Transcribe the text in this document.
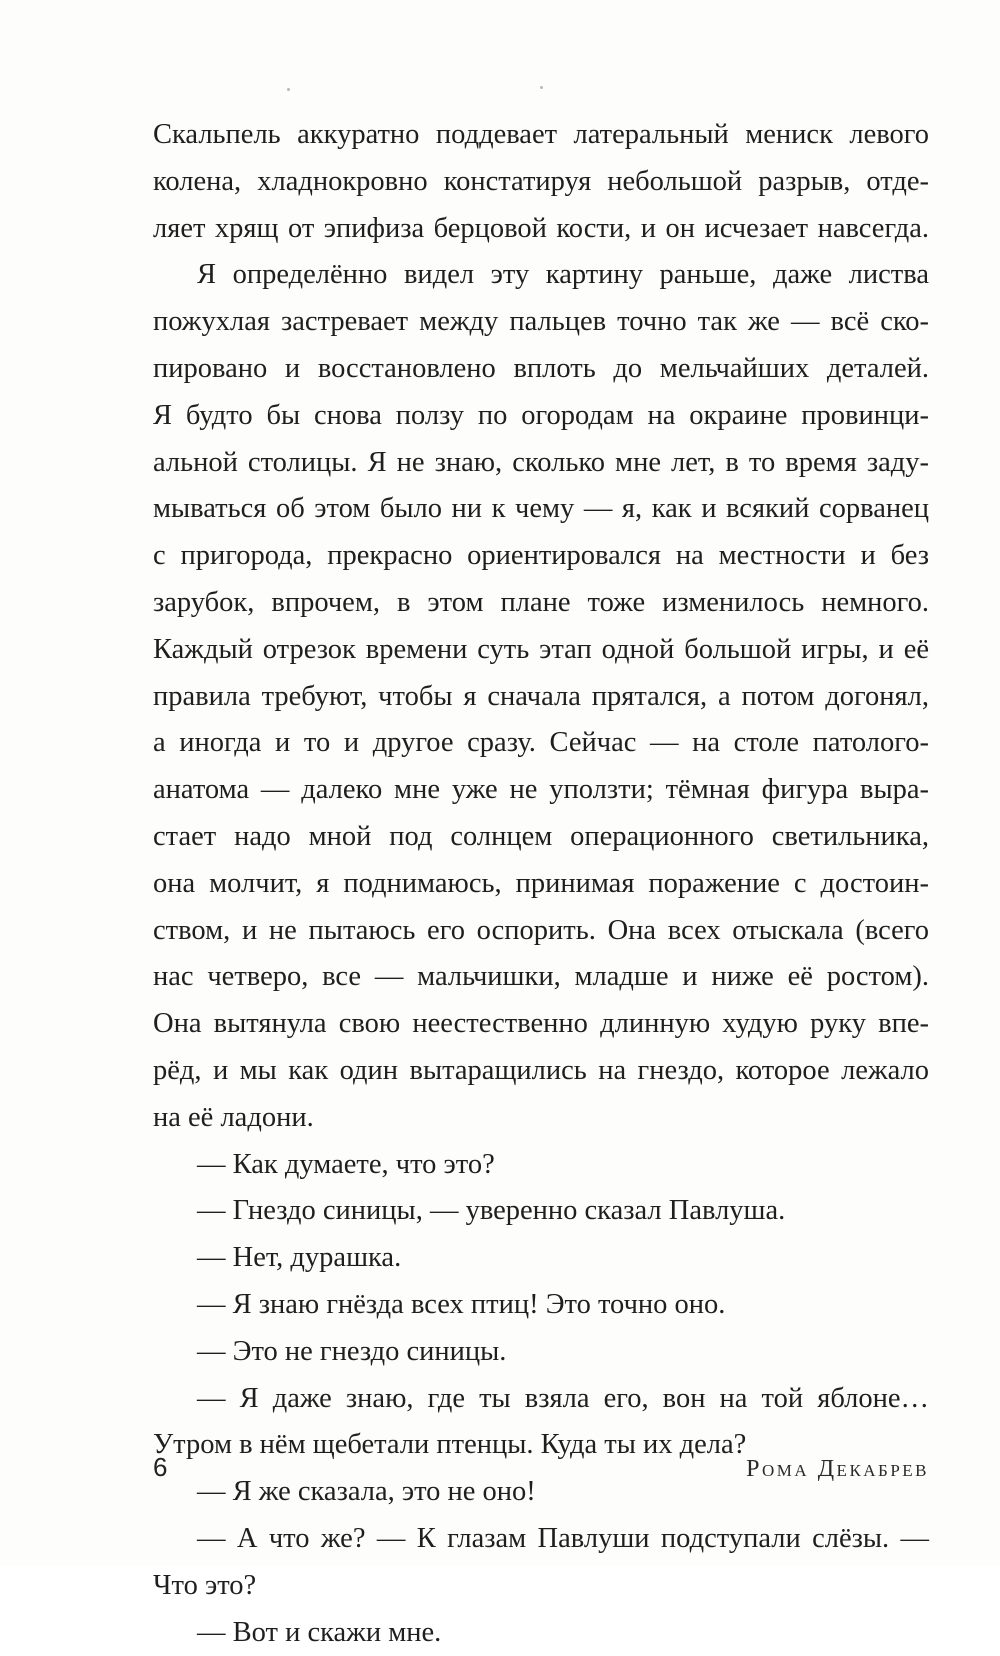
Скальпель аккуратно поддевает латеральный мениск левого
колена, хладнокровно констатируя небольшой разрыв, отде-
ляет хрящ от эпифиза берцовой кости, и он исчезает навсегда.
Я определённо видел эту картину раньше, даже листва
пожухлая застревает между пальцев точно так же — всё ско-
пировано и восстановлено вплоть до мельчайших деталей.
Я будто бы снова ползу по огородам на окраине провинци-
альной столицы. Я не знаю, сколько мне лет, в то время заду-
мываться об этом было ни к чему — я, как и всякий сорванец
с пригорода, прекрасно ориентировался на местности и без
зарубок, впрочем, в этом плане тоже изменилось немного.
Каждый отрезок времени суть этап одной большой игры, и её
правила требуют, чтобы я сначала прятался, а потом догонял,
а иногда и то и другое сразу. Сейчас — на столе патолого-
анатома — далеко мне уже не уползти; тёмная фигура выра-
стает надо мной под солнцем операционного светильника,
она молчит, я поднимаюсь, принимая поражение с достоин-
ством, и не пытаюсь его оспорить. Она всех отыскала (всего
нас четверо, все — мальчишки, младше и ниже её ростом).
Она вытянула свою неестественно длинную худую руку впе-
рёд, и мы как один вытаращились на гнездо, которое лежало
на её ладони.
— Как думаете, что это?
— Гнездо синицы, — уверенно сказал Павлуша.
— Нет, дурашка.
— Я знаю гнёзда всех птиц! Это точно оно.
— Это не гнездо синицы.
— Я даже знаю, где ты взяла его, вон на той яблоне…
Утром в нём щебетали птенцы. Куда ты их дела?
— Я же сказала, это не оно!
— А что же? — К глазам Павлуши подступали слёзы. —
Что это?
— Вот и скажи мне.
6	Рома Декабрев
